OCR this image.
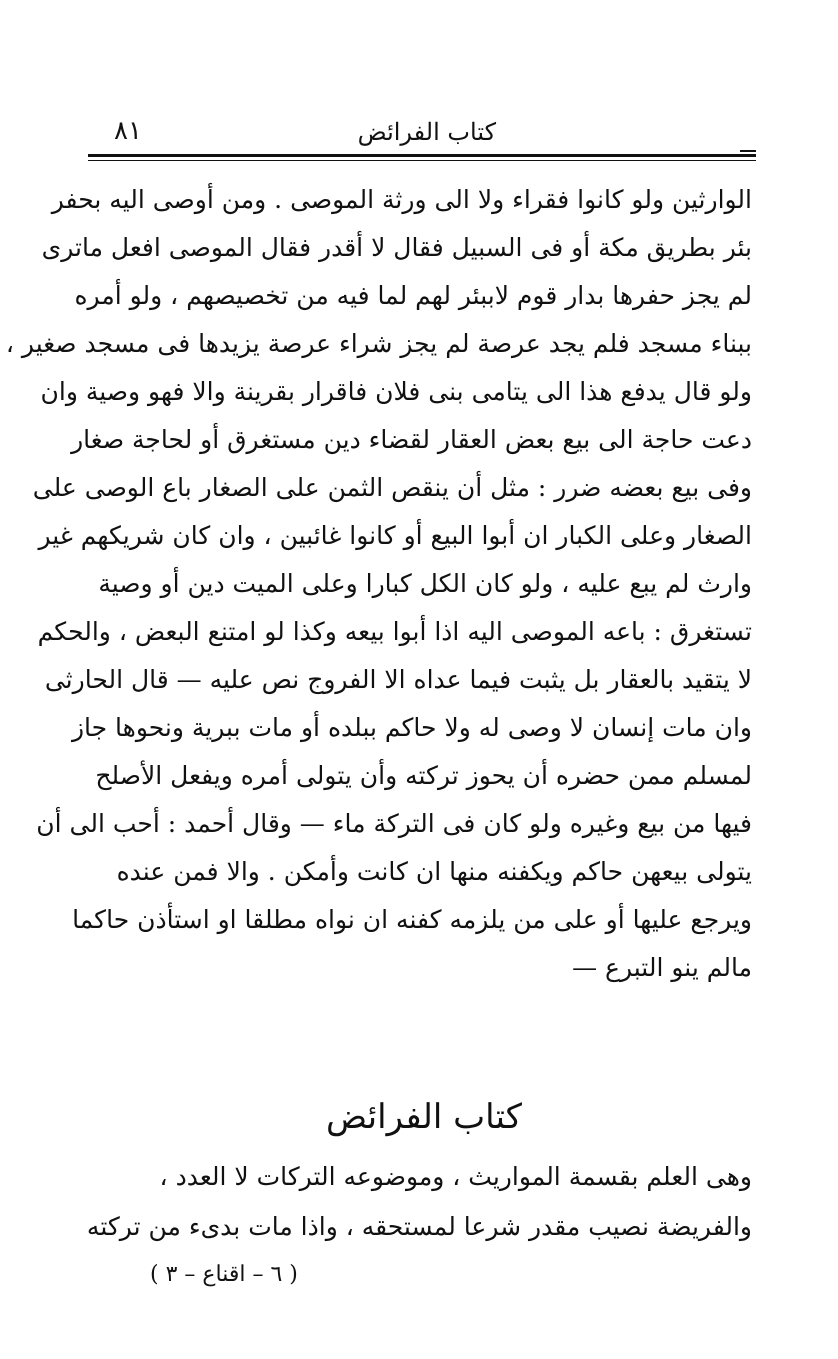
كتاب الفرائض
٨١
الوارثين ولو كانوا فقراء ولا الى ورثة الموصى . ومن أوصى اليه بحفر
بئر بطريق مكة أو فى السبيل فقال لا أقدر فقال الموصى افعل ماترى
لم يجز حفرها بدار قوم لاببئر لهم لما فيه من تخصيصهم ، ولو أمره
ببناء مسجد فلم يجد عرصة لم يجز شراء عرصة يزيدها فى مسجد صغير ،
ولو قال يدفع هذا الى يتامى بنى فلان فاقرار بقرينة والا فهو وصية وان
دعت حاجة الى بيع بعض العقار لقضاء دين مستغرق أو لحاجة صغار
وفى بيع بعضه ضرر : مثل أن ينقص الثمن على الصغار باع الوصى على
الصغار وعلى الكبار ان أبوا البيع أو كانوا غائبين ، وان كان شريكهم غير
وارث لم يبع عليه ، ولو كان الكل كبارا وعلى الميت دين أو وصية
تستغرق : باعه الموصى اليه اذا أبوا بيعه وكذا لو امتنع البعض ، والحكم
لا يتقيد بالعقار بل يثبت فيما عداه الا الفروج نص عليه — قال الحارثى
وان مات إنسان لا وصى له ولا حاكم ببلده أو مات ببرية ونحوها جاز
لمسلم ممن حضره أن يحوز تركته وأن يتولى أمره ويفعل الأصلح
فيها من بيع وغيره ولو كان فى التركة ماء — وقال أحمد : أحب الى أن
يتولى بيعهن حاكم ويكفنه منها ان كانت وأمكن . والا فمن عنده
ويرجع عليها أو على من يلزمه كفنه ان نواه مطلقا او استأذن حاكما
مالم ينو التبرع —
كتاب الفرائض
وهى العلم بقسمة المواريث ، وموضوعه التركات لا العدد ،
والفريضة نصيب مقدر شرعا لمستحقه ، واذا مات بدىء من تركته
( ٦ – اقناع – ٣ )
